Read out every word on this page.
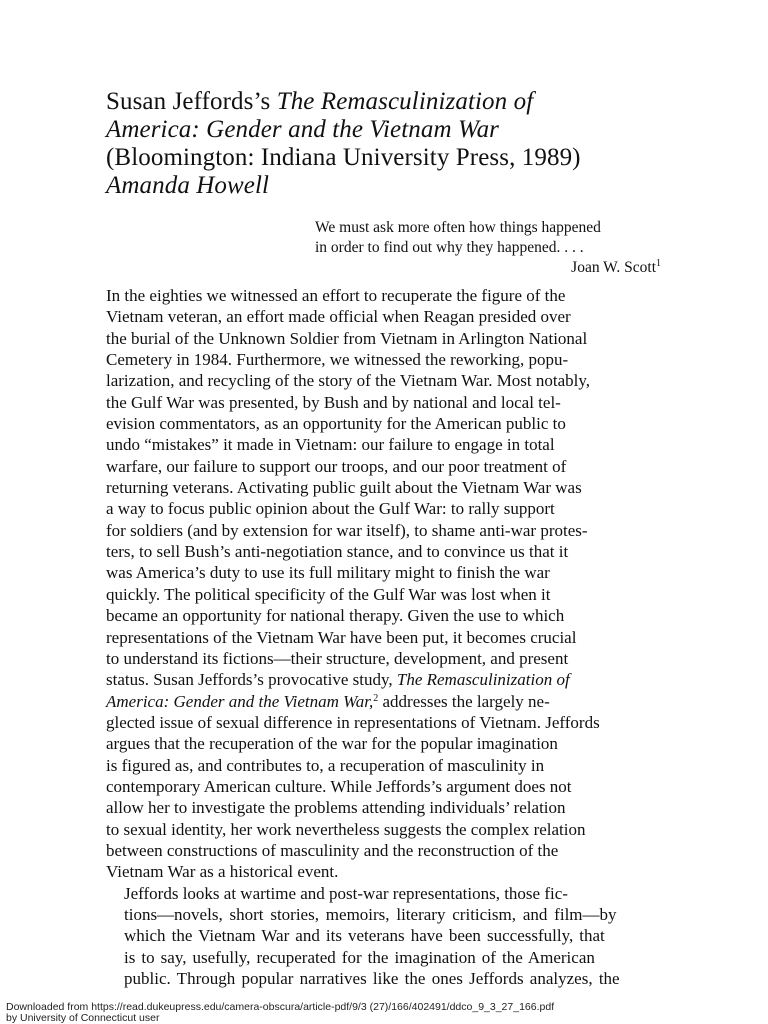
Susan Jeffords’s The Remasculinization of
America: Gender and the Vietnam War
(Bloomington: Indiana University Press, 1989)
Amanda Howell
We must ask more often how things happened
in order to find out why they happened. . . .
Joan W. Scott$^1$

In the eighties we witnessed an effort to recuperate the figure of the
Vietnam veteran, an effort made official when Reagan presided over
the burial of the Unknown Soldier from Vietnam in Arlington National
Cemetery in 1984. Furthermore, we witnessed the reworking, popu-
larization, and recycling of the story of the Vietnam War. Most notably,
the Gulf War was presented, by Bush and by national and local tel-
evision commentators, as an opportunity for the American public to
undo “mistakes” it made in Vietnam: our failure to engage in total
warfare, our failure to support our troops, and our poor treatment of
returning veterans. Activating public guilt about the Vietnam War was
a way to focus public opinion about the Gulf War: to rally support
for soldiers (and by extension for war itself), to shame anti-war protes-
ters, to sell Bush’s anti-negotiation stance, and to convince us that it
was America’s duty to use its full military might to finish the war
quickly. The political specificity of the Gulf War was lost when it
became an opportunity for national therapy. Given the use to which
representations of the Vietnam War have been put, it becomes crucial
to understand its fictions—their structure, development, and present
status. Susan Jeffords’s provocative study, The Remasculinization of
America: Gender and the Vietnam War,$^2$ addresses the largely ne-
glected issue of sexual difference in representations of Vietnam. Jeffords
argues that the recuperation of the war for the popular imagination
is figured as, and contributes to, a recuperation of masculinity in
contemporary American culture. While Jeffords’s argument does not
allow her to investigate the problems attending individuals’ relation
to sexual identity, her work nevertheless suggests the complex relation
between constructions of masculinity and the reconstruction of the
Vietnam War as a historical event.

Jeffords looks at wartime and post-war representations, those fic-
tions—novels, short stories, memoirs, literary criticism, and film—by
which the Vietnam War and its veterans have been successfully, that
is to say, usefully, recuperated for the imagination of the American
public. Through popular narratives like the ones Jeffords analyzes, the

Downloaded from https://read.dukeupress.edu/camera-obscura/article-pdf/9/3 (27)/166/402491/ddco_9_3_27_166.pdf
by University of Connecticut user
